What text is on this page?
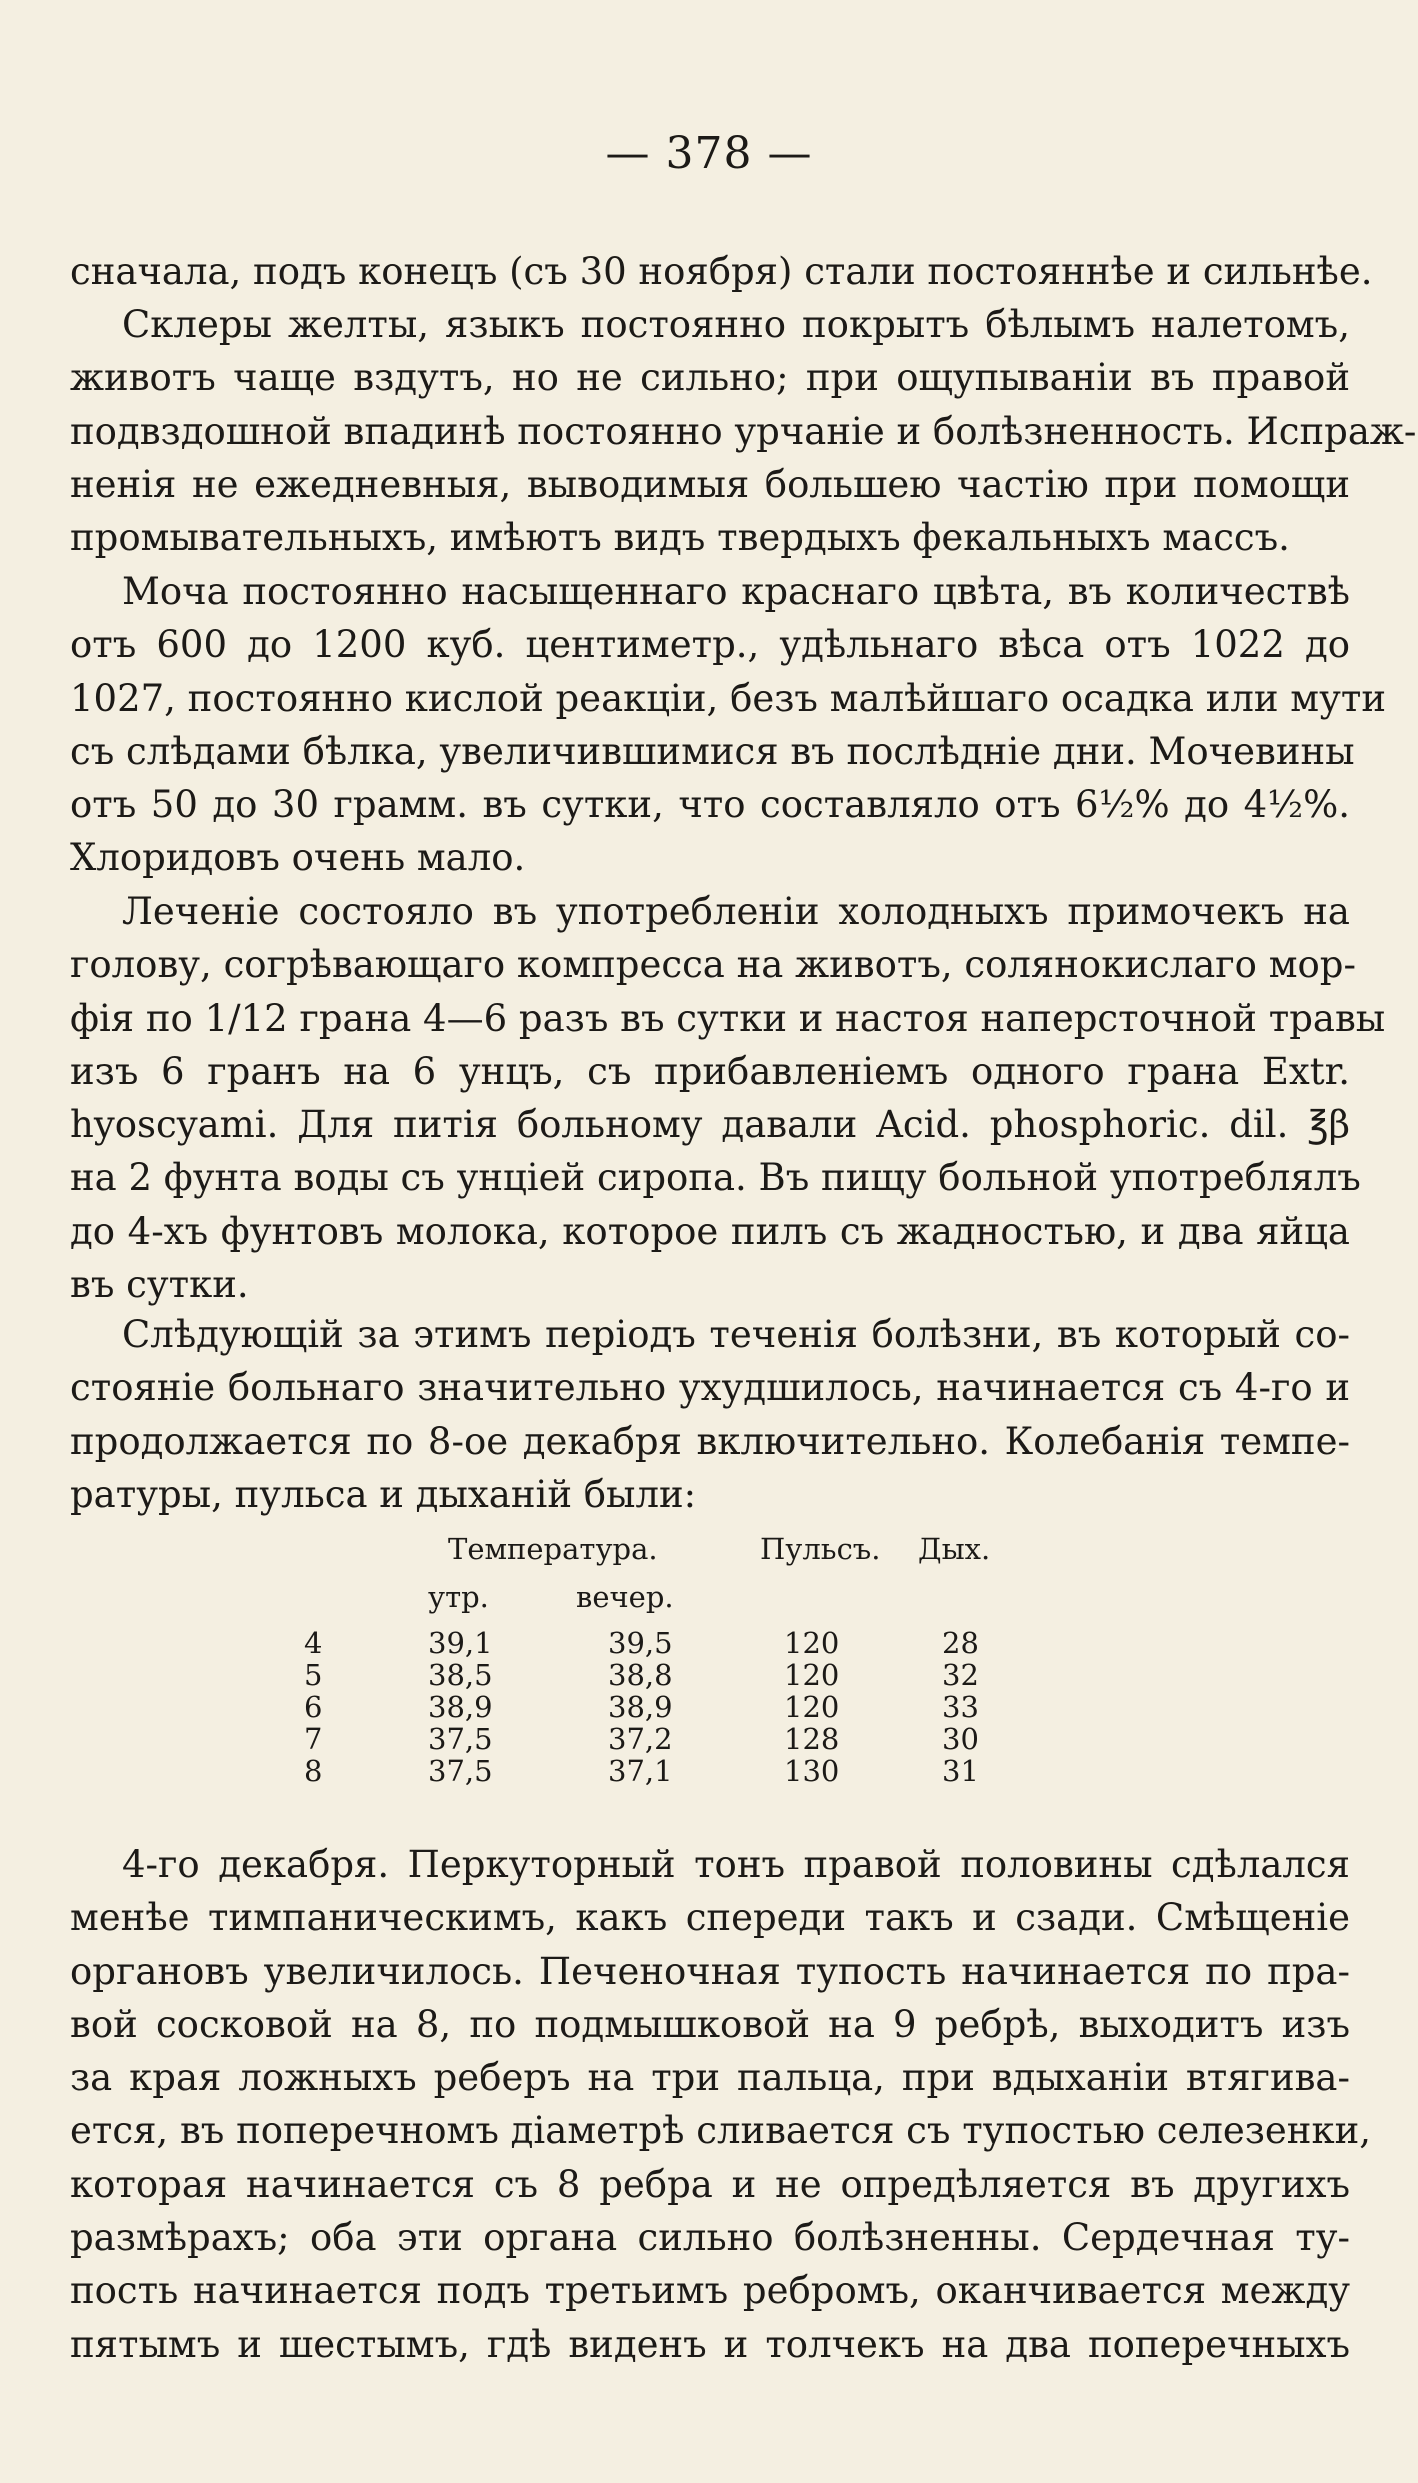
— 378 —
сначала, подъ конецъ (съ 30 ноября) стали постояннѣе и сильнѣе.
Склеры желты, языкъ постоянно покрытъ бѣлымъ налетомъ,
животъ чаще вздутъ, но не сильно; при ощупываніи въ правой
подвздошной впадинѣ постоянно урчаніе и болѣзненность. Испраж-
ненія не ежедневныя, выводимыя большею частію при помощи
промывательныхъ, имѣютъ видъ твердыхъ фекальныхъ массъ.
Моча постоянно насыщеннаго краснаго цвѣта, въ количествѣ
отъ 600 до 1200 куб. центиметр., удѣльнаго вѣса отъ 1022 до
1027, постоянно кислой реакціи, безъ малѣйшаго осадка или мути
съ слѣдами бѣлка, увеличившимися въ послѣдніе дни. Мочевины
отъ 50 до 30 грамм. въ сутки, что составляло отъ 6½% до 4½%.
Хлоридовъ очень мало.
Леченіе состояло въ употребленіи холодныхъ примочекъ на
голову, согрѣвающаго компресса на животъ, солянокислаго мор-
фія по 1/12 грана 4—6 разъ въ сутки и настоя наперсточной травы
изъ 6 гранъ на 6 унцъ, съ прибавленіемъ одного грана Extr.
hyoscyami. Для питія больному давали Acid. phosphoric. dil. ℥β
на 2 фунта воды съ унціей сиропа. Въ пищу больной употреблялъ
до 4-хъ фунтовъ молока, которое пилъ съ жадностью, и два яйца
въ сутки.
Слѣдующій за этимъ періодъ теченія болѣзни, въ который со-
стояніе больнаго значительно ухудшилось, начинается съ 4-го и
продолжается по 8-ое декабря включительно. Колебанія темпе-
ратуры, пульса и дыханій были:
Температура.	Пульсъ. Дых.
утр.	вечер.
4	39,1	39,5	120	28
5	38,5	38,8	120	32
6	38,9	38,9	120	33
7	37,5	37,2	128	30
8	37,5	37,1	130	31
4-го декабря. Перкуторный тонъ правой половины сдѣлался
менѣе тимпаническимъ, какъ спереди такъ и сзади. Смѣщеніе
органовъ увеличилось. Печеночная тупость начинается по пра-
вой сосковой на 8, по подмышковой на 9 ребрѣ, выходитъ изъ
за края ложныхъ реберъ на три пальца, при вдыханіи втягива-
ется, въ поперечномъ діаметрѣ сливается съ тупостью селезенки,
которая начинается съ 8 ребра и не опредѣляется въ другихъ
размѣрахъ; оба эти органа сильно болѣзненны. Сердечная ту-
пость начинается подъ третьимъ ребромъ, оканчивается между
пятымъ и шестымъ, гдѣ виденъ и толчекъ на два поперечныхъ
